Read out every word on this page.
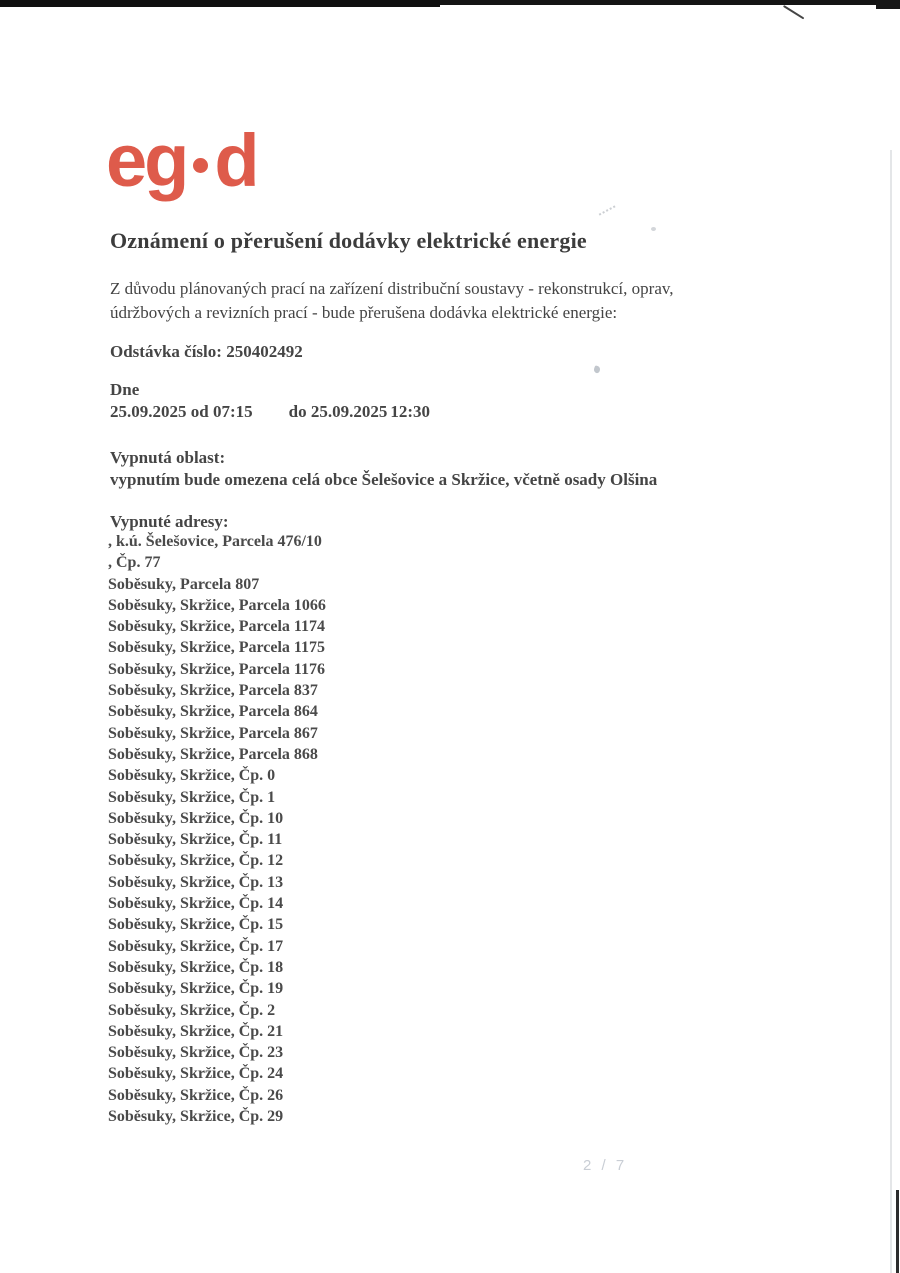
eg d
Oznámení o přerušení dodávky elektrické energie
Z důvodu plánovaných prací na zařízení distribuční soustavy - rekonstrukcí, oprav,
údržbových a revizních prací - bude přerušena dodávka elektrické energie:
Odstávka číslo: 250402492
Dne
25.09.2025 od 07:15 do 25.09.2025 12:30
Vypnutá oblast:
vypnutím bude omezena celá obce Šelešovice a Skržice, včetně osady Olšina
Vypnuté adresy:
, k.ú. Šelešovice, Parcela 476/10
, Čp. 77
Soběsuky, Parcela 807
Soběsuky, Skržice, Parcela 1066
Soběsuky, Skržice, Parcela 1174
Soběsuky, Skržice, Parcela 1175
Soběsuky, Skržice, Parcela 1176
Soběsuky, Skržice, Parcela 837
Soběsuky, Skržice, Parcela 864
Soběsuky, Skržice, Parcela 867
Soběsuky, Skržice, Parcela 868
Soběsuky, Skržice, Čp. 0
Soběsuky, Skržice, Čp. 1
Soběsuky, Skržice, Čp. 10
Soběsuky, Skržice, Čp. 11
Soběsuky, Skržice, Čp. 12
Soběsuky, Skržice, Čp. 13
Soběsuky, Skržice, Čp. 14
Soběsuky, Skržice, Čp. 15
Soběsuky, Skržice, Čp. 17
Soběsuky, Skržice, Čp. 18
Soběsuky, Skržice, Čp. 19
Soběsuky, Skržice, Čp. 2
Soběsuky, Skržice, Čp. 21
Soběsuky, Skržice, Čp. 23
Soběsuky, Skržice, Čp. 24
Soběsuky, Skržice, Čp. 26
Soběsuky, Skržice, Čp. 29
2 / 7
